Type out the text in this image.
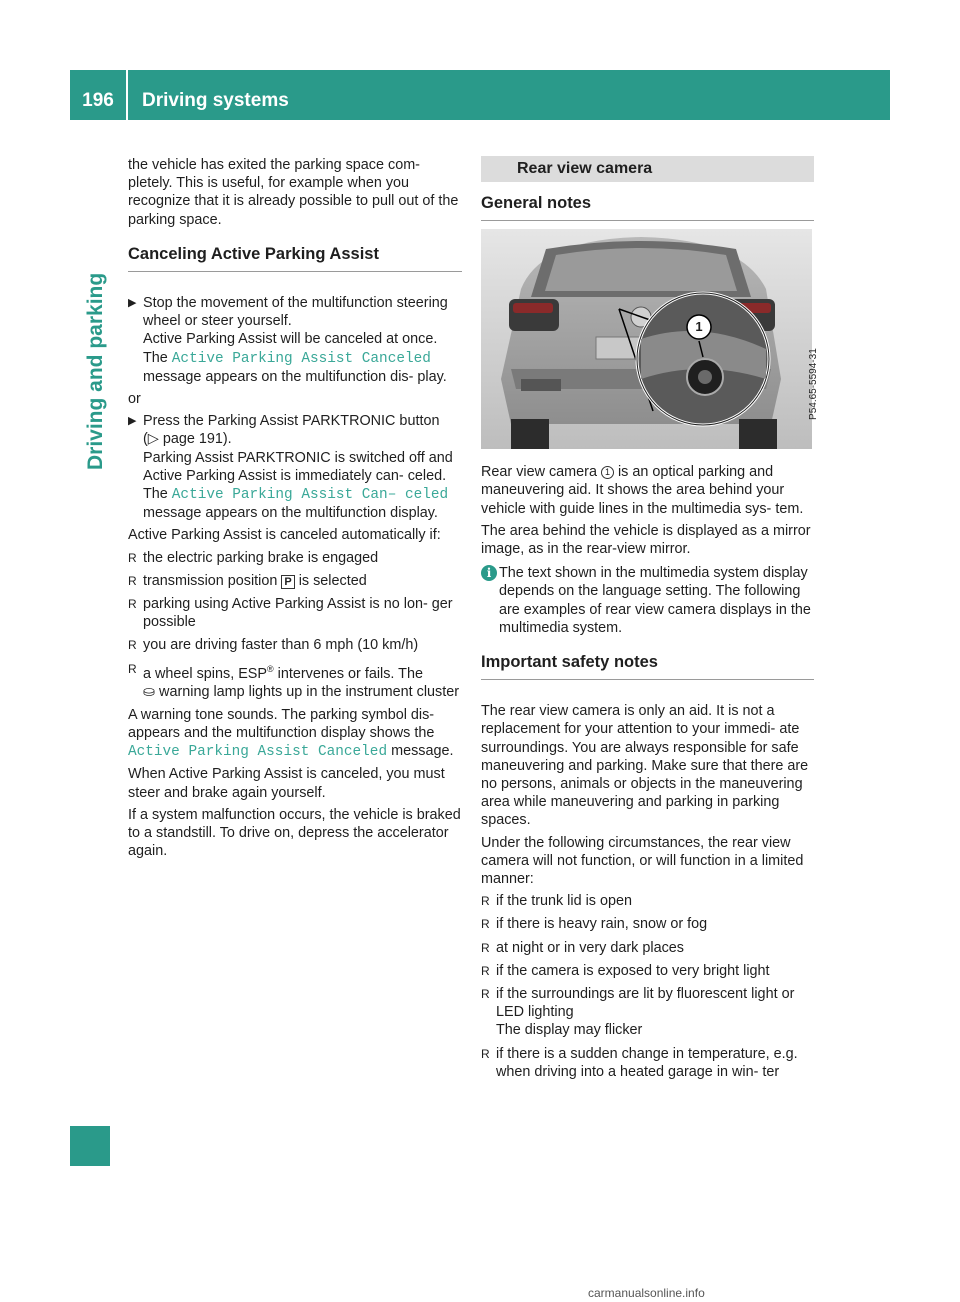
196	Driving systems
Driving and parking

the vehicle has exited the parking space com- pletely. This is useful, for example when you recognize that it is already possible to pull out of the parking space.

Canceling Active Parking Assist
▶ Stop the movement of the multifunction steering wheel or steer yourself.
Active Parking Assist will be canceled at once.
The Active Parking Assist Canceled message appears on the multifunction dis- play.

or

▶ Press the Parking Assist PARKTRONIC button
(▷ page 191).
Parking Assist PARKTRONIC is switched off and Active Parking Assist is immediately can- celed. The Active Parking Assist Can– celed message appears on the multifunction display.

Active Parking Assist is canceled automatically if:

R the electric parking brake is engaged
R transmission position P is selected
R parking using Active Parking Assist is no lon- ger possible
R you are driving faster than 6 mph (10 km/h)
R a wheel spins, ESP® intervenes or fails. The
⛀ warning lamp lights up in the instrument cluster

A warning tone sounds. The parking symbol dis- appears and the multifunction display shows the Active Parking Assist Canceled message.

When Active Parking Assist is canceled, you must steer and brake again yourself.

If a system malfunction occurs, the vehicle is braked to a standstill. To drive on, depress the accelerator again.

Rear view camera
General notes
1
P54.65-5594-31

Rear view camera 1 is an optical parking and maneuvering aid. It shows the area behind your vehicle with guide lines in the multimedia sys- tem.

The area behind the vehicle is displayed as a mirror image, as in the rear-view mirror.

i The text shown in the multimedia system display depends on the language setting. The following are examples of rear view camera displays in the multimedia system.
Important safety notes

The rear view camera is only an aid. It is not a replacement for your attention to your immedi- ate surroundings. You are always responsible for safe maneuvering and parking. Make sure that there are no persons, animals or objects in the maneuvering area while maneuvering and parking in parking spaces.

Under the following circumstances, the rear view camera will not function, or will function in a limited manner:

R if the trunk lid is open
R if there is heavy rain, snow or fog
R at night or in very dark places
R if the camera is exposed to very bright light
R if the surroundings are lit by fluorescent light or LED lighting
The display may flicker
R if there is a sudden change in temperature, e.g. when driving into a heated garage in win- ter
carmanualsonline.info
